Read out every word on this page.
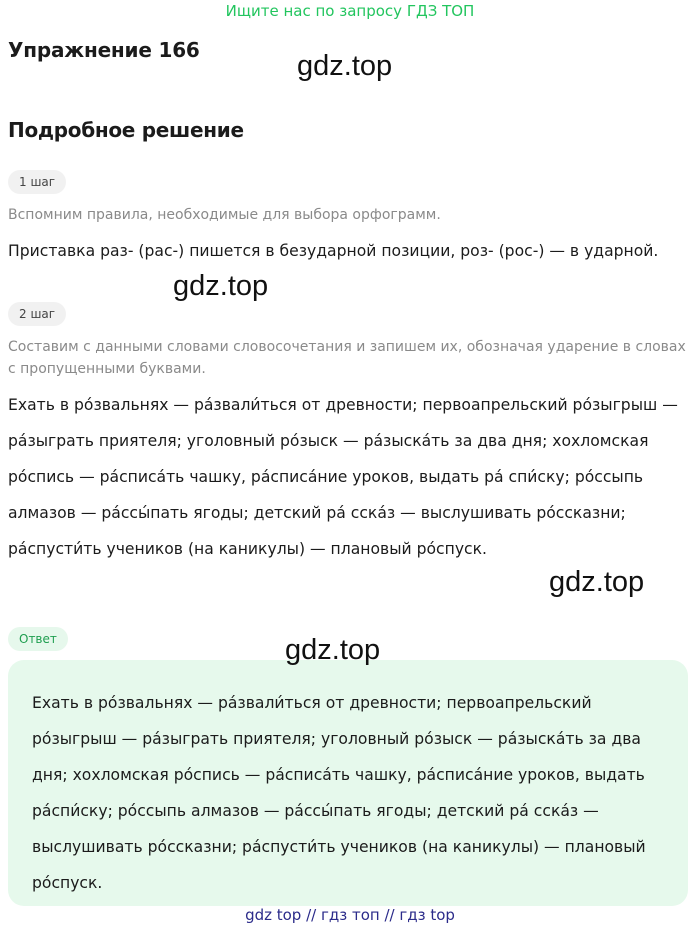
Ищите нас по запросу ГДЗ ТОП
Упражнение 166	gdz.top
Подробное решение
1 шаг
Вспомним правила, необходимые для выбора орфограмм.
Приставка раз- (рас-) пишется в безударной позиции, роз- (рос-) — в ударной.
gdz.top
2 шаг
Составим с данными словами словосочетания и запишем их, обозначая ударение в словах с пропущенными буквами.
Ехать в ро́звальнях — ра́звали́ться от древности; первоапрельский ро́зыгрыш — ра́зыграть приятеля; уголовный ро́зыск — ра́зыска́ть за два дня; хохломская ро́спись — ра́списа́ть чашку, ра́списа́ние уроков, выдать ра́ спи́ску; ро́ссыпь алмазов — ра́ссы́пать ягоды; детский ра́ сска́з — выслушивать ро́ссказни; ра́спусти́ть учеников (на каникулы) — плановый ро́спуск.
gdz.top
Ответ
Ехать в ро́звальнях — ра́звали́ться от древности; первоапрельский ро́зыгрыш — ра́зыграть приятеля; уголовный ро́зыск — ра́зыска́ть за два дня; хохломская ро́спись — ра́списа́ть чашку, ра́списа́ние уроков, выдать ра́спи́ску; ро́ссыпь алмазов — ра́ссы́пать ягоды; детский ра́ сска́з — выслушивать ро́ссказни; ра́спусти́ть учеников (на каникулы) — плановый ро́спуск.
gdz.top
gdz top // гдз топ // гдз top
